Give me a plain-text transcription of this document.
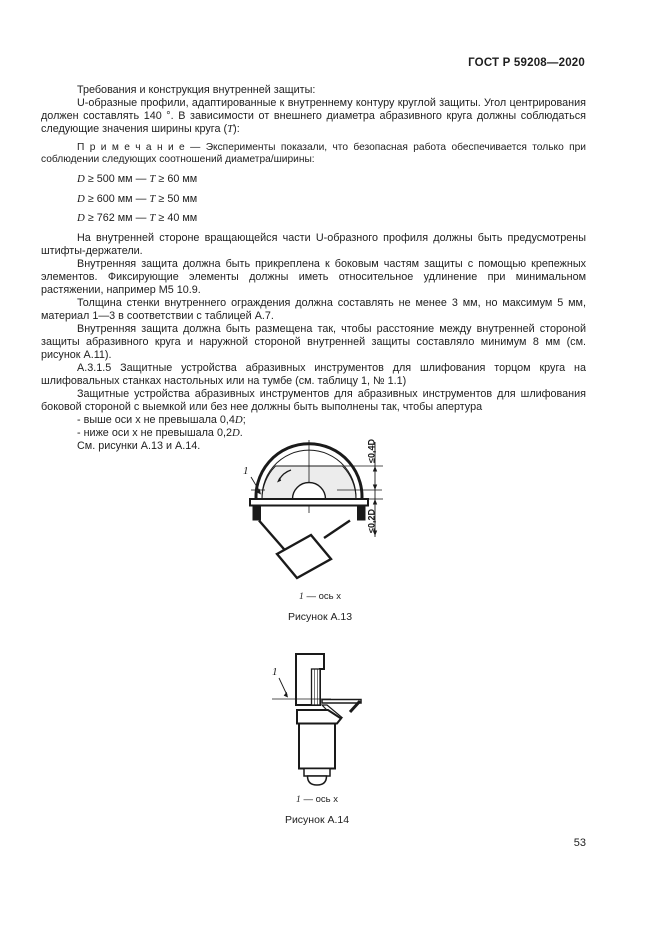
ГОСТ Р 59208—2020

Требования и конструкция внутренней защиты:

U-образные профили, адаптированные к внутреннему контуру круглой защиты. Угол центрирования должен составлять 140 °. В зависимости от внешнего диаметра абразивного круга должны соблюдаться следующие значения ширины круга (T):

П р и м е ч а н и е — Эксперименты показали, что безопасная работа обеспечивается только при соблюдении следующих соотношений диаметра/ширины:

D ≥ 500 мм — T ≥ 60 мм
D ≥ 600 мм — T ≥ 50 мм
D ≥ 762 мм — T ≥ 40 мм

На внутренней стороне вращающейся части U-образного профиля должны быть предусмотрены штифты-держатели.

Внутренняя защита должна быть прикреплена к боковым частям защиты с помощью крепежных элементов. Фиксирующие элементы должны иметь относительное удлинение при минимальном растяжении, например М5 10.9.

Толщина стенки внутреннего ограждения должна составлять не менее 3 мм, но максимум 5 мм, материал 1—3 в соответствии с таблицей А.7.

Внутренняя защита должна быть размещена так, чтобы расстояние между внутренней стороной защиты абразивного круга и наружной стороной внутренней защиты составляло минимум 8 мм (см. рисунок А.11).

А.3.1.5 Защитные устройства абразивных инструментов для шлифования торцом круга на шлифовальных станках настольных или на тумбе (см. таблицу 1, № 1.1)

Защитные устройства абразивных инструментов для абразивных инструментов для шлифования боковой стороной с выемкой или без нее должны быть выполнены так, чтобы апертура

- выше оси x не превышала 0,4D;

- ниже оси x не превышала 0,2D.

См. рисунки А.13 и А.14.

1
≤0,4D
≤0,2D
1 — ось x
Рисунок А.13
1
1 — ось x
Рисунок А.14
53
